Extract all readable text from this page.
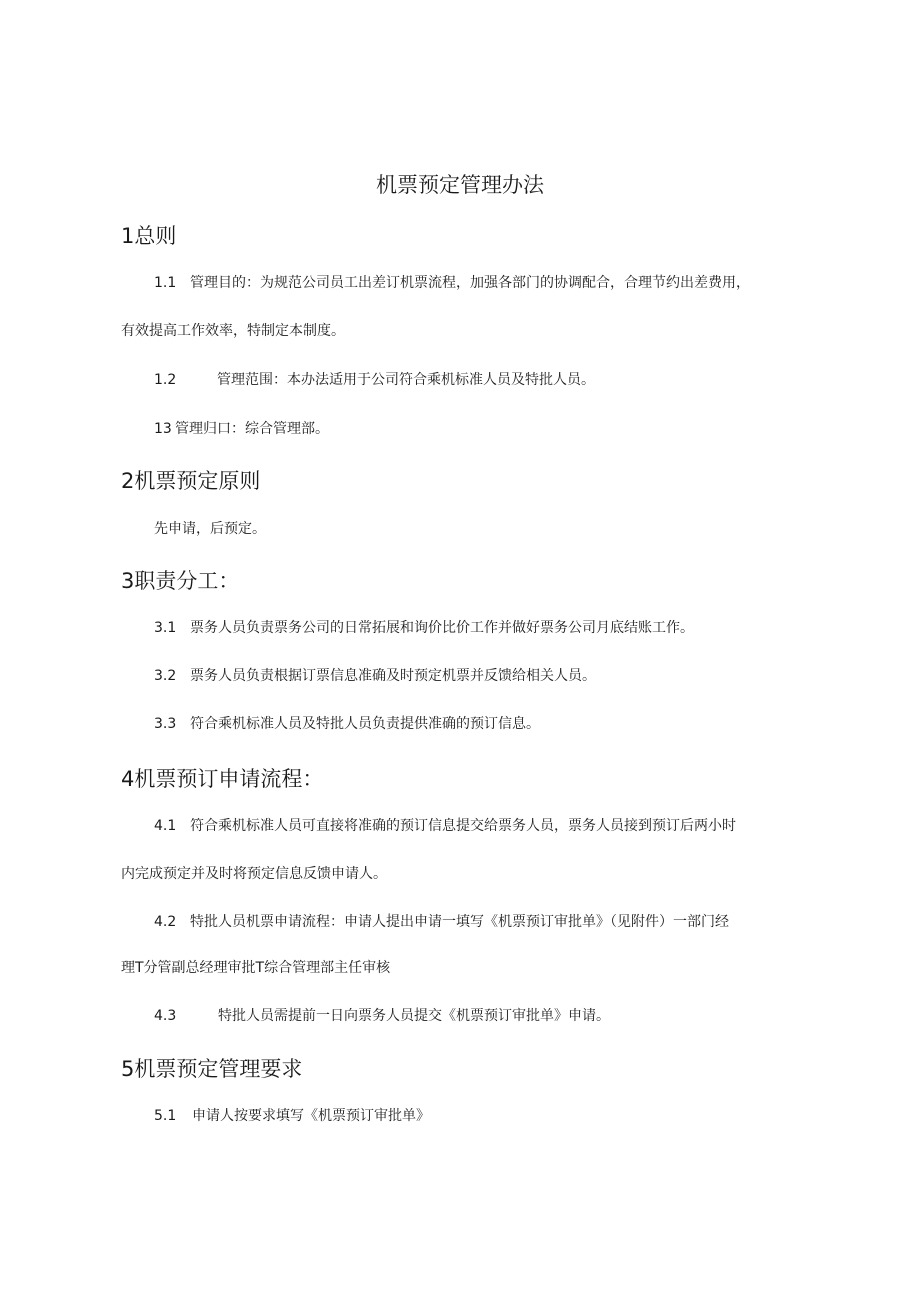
机票预定管理办法
1总则

1.1 管理目的：为规范公司员工出差订机票流程，加强各部门的协调配合，合理节约出差费用，

有效提高工作效率，特制定本制度。

1.2	管理范围：本办法适用于公司符合乘机标准人员及特批人员。

13 管理归口：综合管理部。

2机票预定原则

先申请，后预定。

3职责分工：

3.1 票务人员负责票务公司的日常拓展和询价比价工作并做好票务公司月底结账工作。

3.2 票务人员负责根据订票信息准确及时预定机票并反馈给相关人员。

3.3 符合乘机标准人员及特批人员负责提供准确的预订信息。

4机票预订申请流程：

4.1 符合乘机标准人员可直接将准确的预订信息提交给票务人员，票务人员接到预订后两小时

内完成预定并及时将预定信息反馈申请人。

4.2 特批人员机票申请流程：申请人提出申请一填写《机票预订审批单》（见附件）一部门经

理T分管副总经理审批T综合管理部主任审核

4.3	特批人员需提前一日向票务人员提交《机票预订审批单》申请。

5机票预定管理要求

5.1 申请人按要求填写《机票预订审批单》
